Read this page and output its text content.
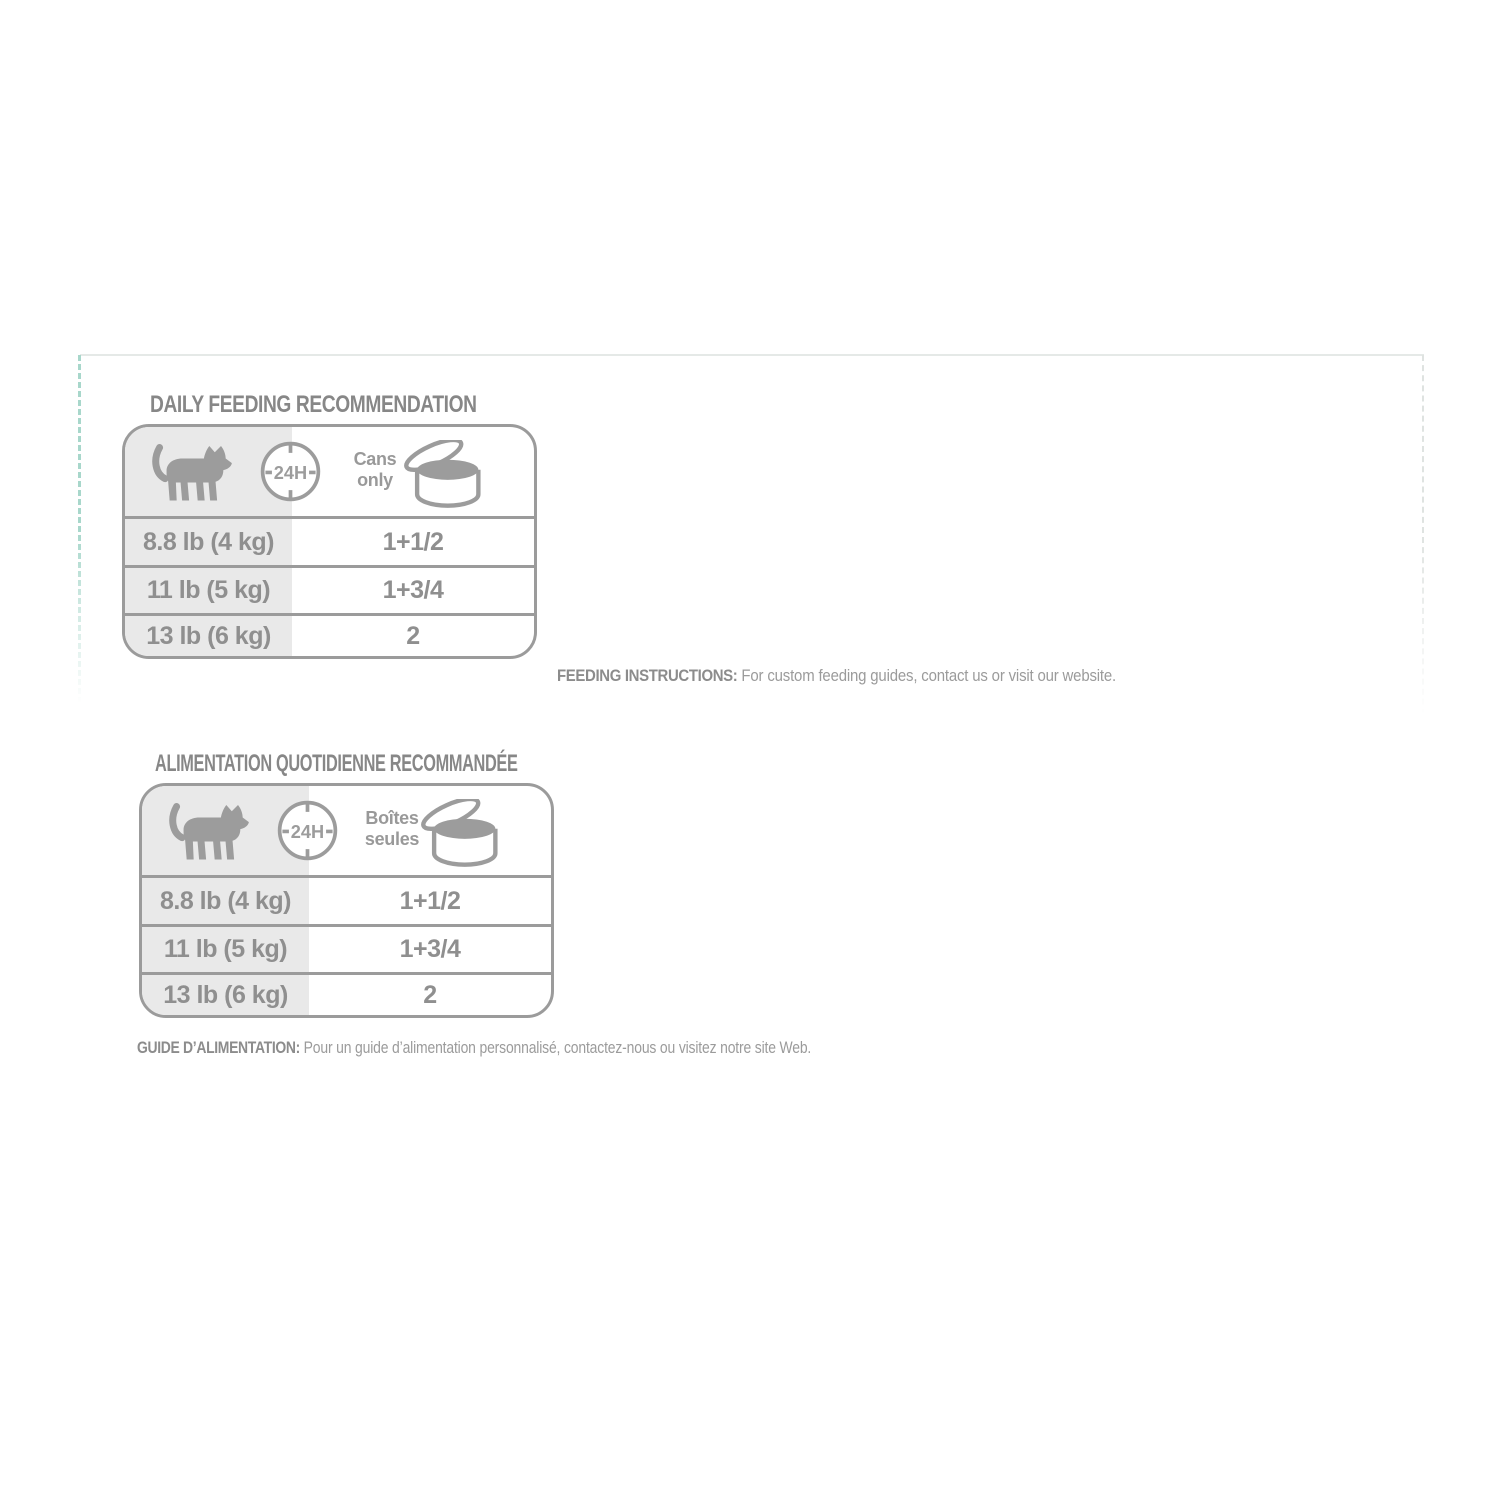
DAILY FEEDING RECOMMENDATION
24H
Cans
only
8.8 lb (4 kg)	1+1/2
11 lb (5 kg)	1+3/4
13 lb (6 kg)	2
FEEDING INSTRUCTIONS: For custom feeding guides, contact us or visit our website.
ALIMENTATION QUOTIDIENNE RECOMMANDÉE
24H
Boîtes
seules
8.8 lb (4 kg)	1+1/2
11 lb (5 kg)	1+3/4
13 lb (6 kg)	2
GUIDE D’ALIMENTATION: Pour un guide d’alimentation personnalisé, contactez-nous ou visitez notre site Web.
